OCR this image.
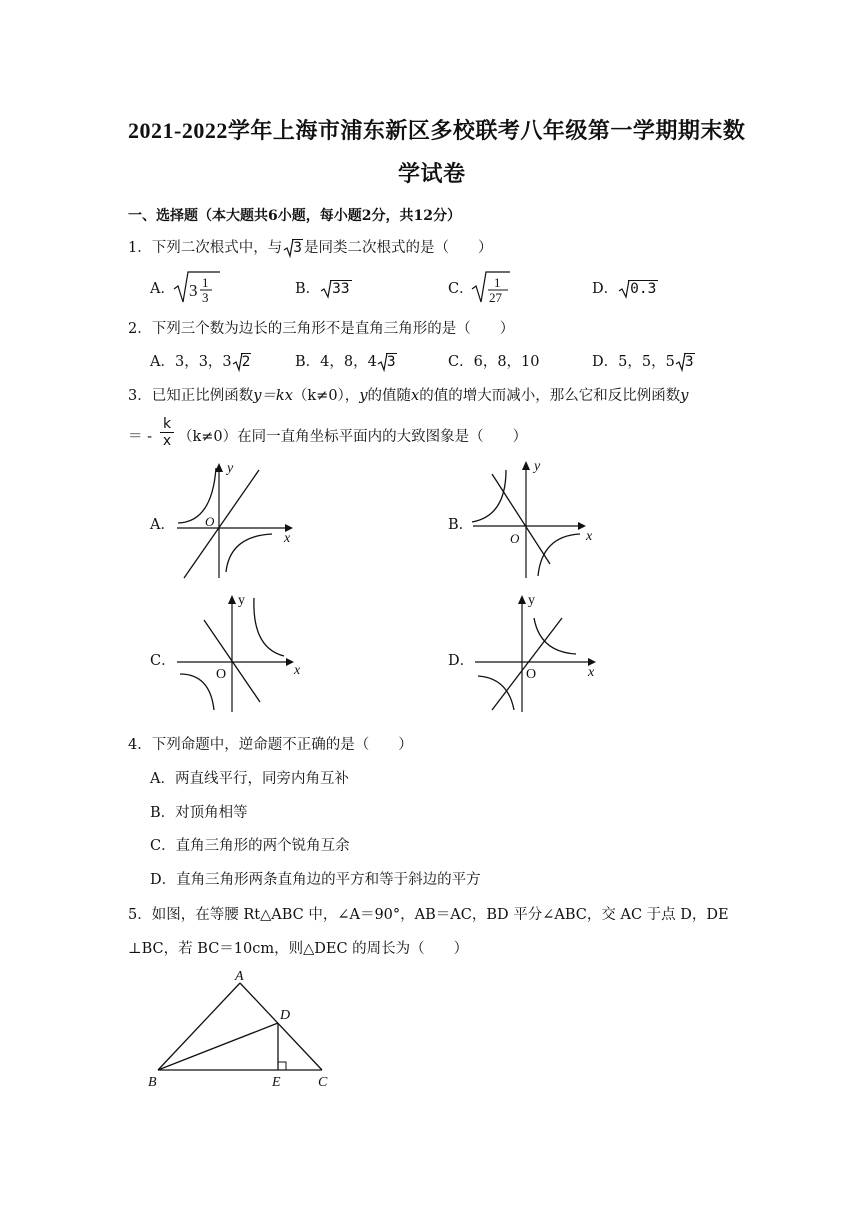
2021-2022学年上海市浦东新区多校联考八年级第一学期期末数
学试卷
一、选择题（本大题共6小题，每小题2分，共12分）
1．下列二次根式中，与 3 是同类二次根式的是（　　）
A． 3 1
3
B． 33	C． 1
27
D． 0.3
2．下列三个数为边长的三角形不是直角三角形的是（　　）
A．3，3，3 2	B．4，8，4 3	C．6，8，10	D．5，5，5 3
3．已知正比例函数y＝kx（k≠0），y的值随x的值的增大而减小，那么它和反比例函数y
＝ -
k
x （k≠0）在同一直角坐标平面内的大致图象是（　　）
A．	B．
C．	D．
y
O
x
y
O	x
y
O	x
y
O	x
4．下列命题中，逆命题不正确的是（　　）
A．两直线平行，同旁内角互补
B．对顶角相等
C．直角三角形的两个锐角互余
D．直角三角形两条直角边的平方和等于斜边的平方
5．如图，在等腰 Rt△ABC 中，∠A＝90°，AB＝AC，BD 平分∠ABC，交 AC 于点 D，DE
⊥BC，若 BC＝10cm，则△DEC 的周长为（　　）
A
D
B	E	C
